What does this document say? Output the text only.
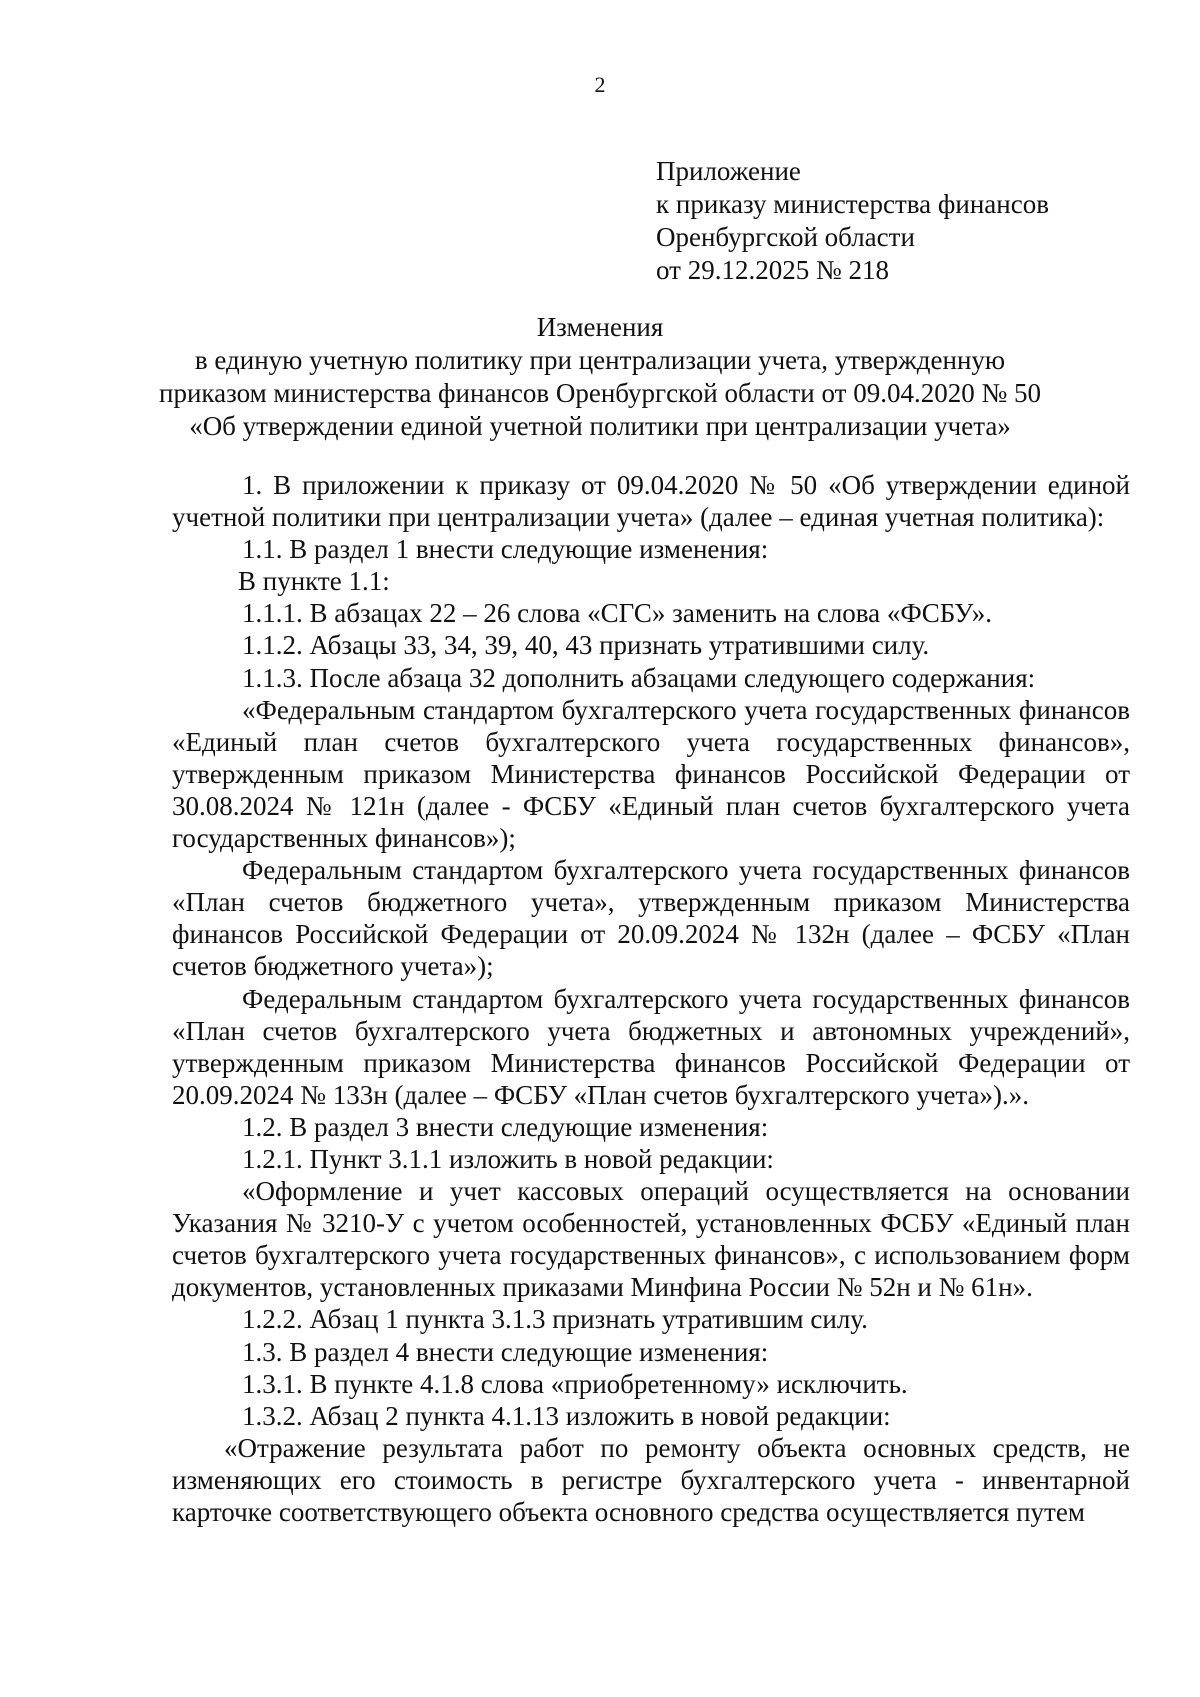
2
Приложение
к приказу министерства финансов
Оренбургской области
от 29.12.2025 № 218
Изменения
в единую учетную политику при централизации учета, утвержденную
приказом министерства финансов Оренбургской области от 09.04.2020 № 50
«Об утверждении единой учетной политики при централизации учета»

1. В приложении к приказу от 09.04.2020 № 50 «Об утверждении единой учетной политики при централизации учета» (далее – единая учетная политика):

1.1. В раздел 1 внести следующие изменения:

В пункте 1.1:

1.1.1. В абзацах 22 – 26 слова «СГС» заменить на слова «ФСБУ».

1.1.2. Абзацы 33, 34, 39, 40, 43 признать утратившими силу.

1.1.3. После абзаца 32 дополнить абзацами следующего содержания:

«Федеральным стандартом бухгалтерского учета государственных финансов «Единый план счетов бухгалтерского учета государственных финансов», утвержденным приказом Министерства финансов Российской Федерации от 30.08.2024 № 121н (далее - ФСБУ «Единый план счетов бухгалтерского учета государственных финансов»);

Федеральным стандартом бухгалтерского учета государственных финансов «План счетов бюджетного учета», утвержденным приказом Министерства финансов Российской Федерации от 20.09.2024 № 132н (далее – ФСБУ «План счетов бюджетного учета»);

Федеральным стандартом бухгалтерского учета государственных финансов «План счетов бухгалтерского учета бюджетных и автономных учреждений», утвержденным приказом Министерства финансов Российской Федерации от 20.09.2024 № 133н (далее – ФСБУ «План счетов бухгалтерского учета»).».

1.2. В раздел 3 внести следующие изменения:

1.2.1. Пункт 3.1.1 изложить в новой редакции:

«Оформление и учет кассовых операций осуществляется на основании Указания № 3210-У с учетом особенностей, установленных ФСБУ «Единый план счетов бухгалтерского учета государственных финансов», с использованием форм документов, установленных приказами Минфина России № 52н и № 61н».

1.2.2. Абзац 1 пункта 3.1.3 признать утратившим силу.

1.3. В раздел 4 внести следующие изменения:

1.3.1. В пункте 4.1.8 слова «приобретенному» исключить.

1.3.2. Абзац 2 пункта 4.1.13 изложить в новой редакции:

«Отражение результата работ по ремонту объекта основных средств, не изменяющих его стоимость в регистре бухгалтерского учета - инвентарной карточке соответствующего объекта основного средства осуществляется путем
